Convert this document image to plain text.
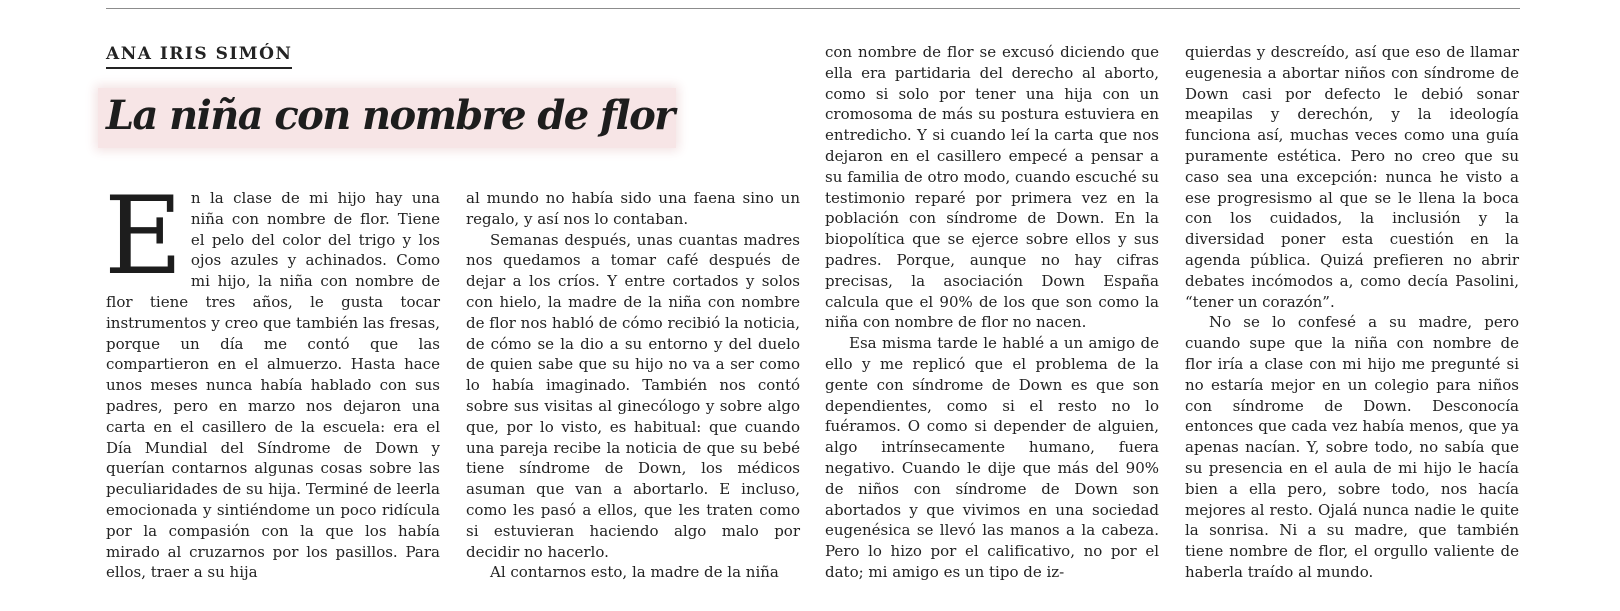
ANA IRIS SIMÓN
La niña con nombre de flor
E n la clase de mi hijo hay una niña con nombre de flor. Tiene el pelo del color del trigo y los ojos azules y achinados. Como mi hijo, la niña con nombre de flor tiene tres años, le gusta tocar instrumentos y creo que también las fresas, porque un día me contó que las compartieron en el almuerzo. Hasta hace unos meses nunca había hablado con sus padres, pero en marzo nos dejaron una carta en el casillero de la escuela: era el Día Mundial del Síndrome de Down y querían contarnos algunas cosas sobre las peculiaridades de su hija. Terminé de leerla emocionada y sintiéndome un poco ridícula por la compasión con la que los había mirado al cruzarnos por los pasillos. Para ellos, traer a su hija

al mundo no había sido una faena sino un regalo, y así nos lo contaban.

Semanas después, unas cuantas madres nos quedamos a tomar café después de dejar a los críos. Y entre cortados y solos con hielo, la madre de la niña con nombre de flor nos habló de cómo recibió la noticia, de cómo se la dio a su entorno y del duelo de quien sabe que su hijo no va a ser como lo había imaginado. También nos contó sobre sus visitas al ginecólogo y sobre algo que, por lo visto, es habitual: que cuando una pareja recibe la noticia de que su bebé tiene síndrome de Down, los médicos asuman que van a abortarlo. E incluso, como les pasó a ellos, que les traten como si estuvieran haciendo algo malo por decidir no hacerlo.

Al contarnos esto, la madre de la niña

con nombre de flor se excusó diciendo que ella era partidaria del derecho al aborto, como si solo por tener una hija con un cromosoma de más su postura estuviera en entredicho. Y si cuando leí la carta que nos dejaron en el casillero empecé a pensar a su familia de otro modo, cuando escuché su testimonio reparé por primera vez en la población con síndrome de Down. En la biopolítica que se ejerce sobre ellos y sus padres. Porque, aunque no hay cifras precisas, la asociación Down España calcula que el 90% de los que son como la niña con nombre de flor no nacen.

Esa misma tarde le hablé a un amigo de ello y me replicó que el problema de la gente con síndrome de Down es que son dependientes, como si el resto no lo fuéramos. O como si depender de alguien, algo intrínsecamente humano, fuera negativo. Cuando le dije que más del 90% de niños con síndrome de Down son abortados y que vivimos en una sociedad eugenésica se llevó las manos a la cabeza. Pero lo hizo por el calificativo, no por el dato; mi amigo es un tipo de iz-

quierdas y descreído, así que eso de llamar eugenesia a abortar niños con síndrome de Down casi por defecto le debió sonar meapilas y derechón, y la ideología funciona así, muchas veces como una guía puramente estética. Pero no creo que su caso sea una excepción: nunca he visto a ese progresismo al que se le llena la boca con los cuidados, la inclusión y la diversidad poner esta cuestión en la agenda pública. Quizá prefieren no abrir debates incómodos a, como decía Pasolini, “tener un corazón”.

No se lo confesé a su madre, pero cuando supe que la niña con nombre de flor iría a clase con mi hijo me pregunté si no estaría mejor en un colegio para niños con síndrome de Down. Desconocía entonces que cada vez había menos, que ya apenas nacían. Y, sobre todo, no sabía que su presencia en el aula de mi hijo le hacía bien a ella pero, sobre todo, nos hacía mejores al resto. Ojalá nunca nadie le quite la sonrisa. Ni a su madre, que también tiene nombre de flor, el orgullo valiente de haberla traído al mundo.
